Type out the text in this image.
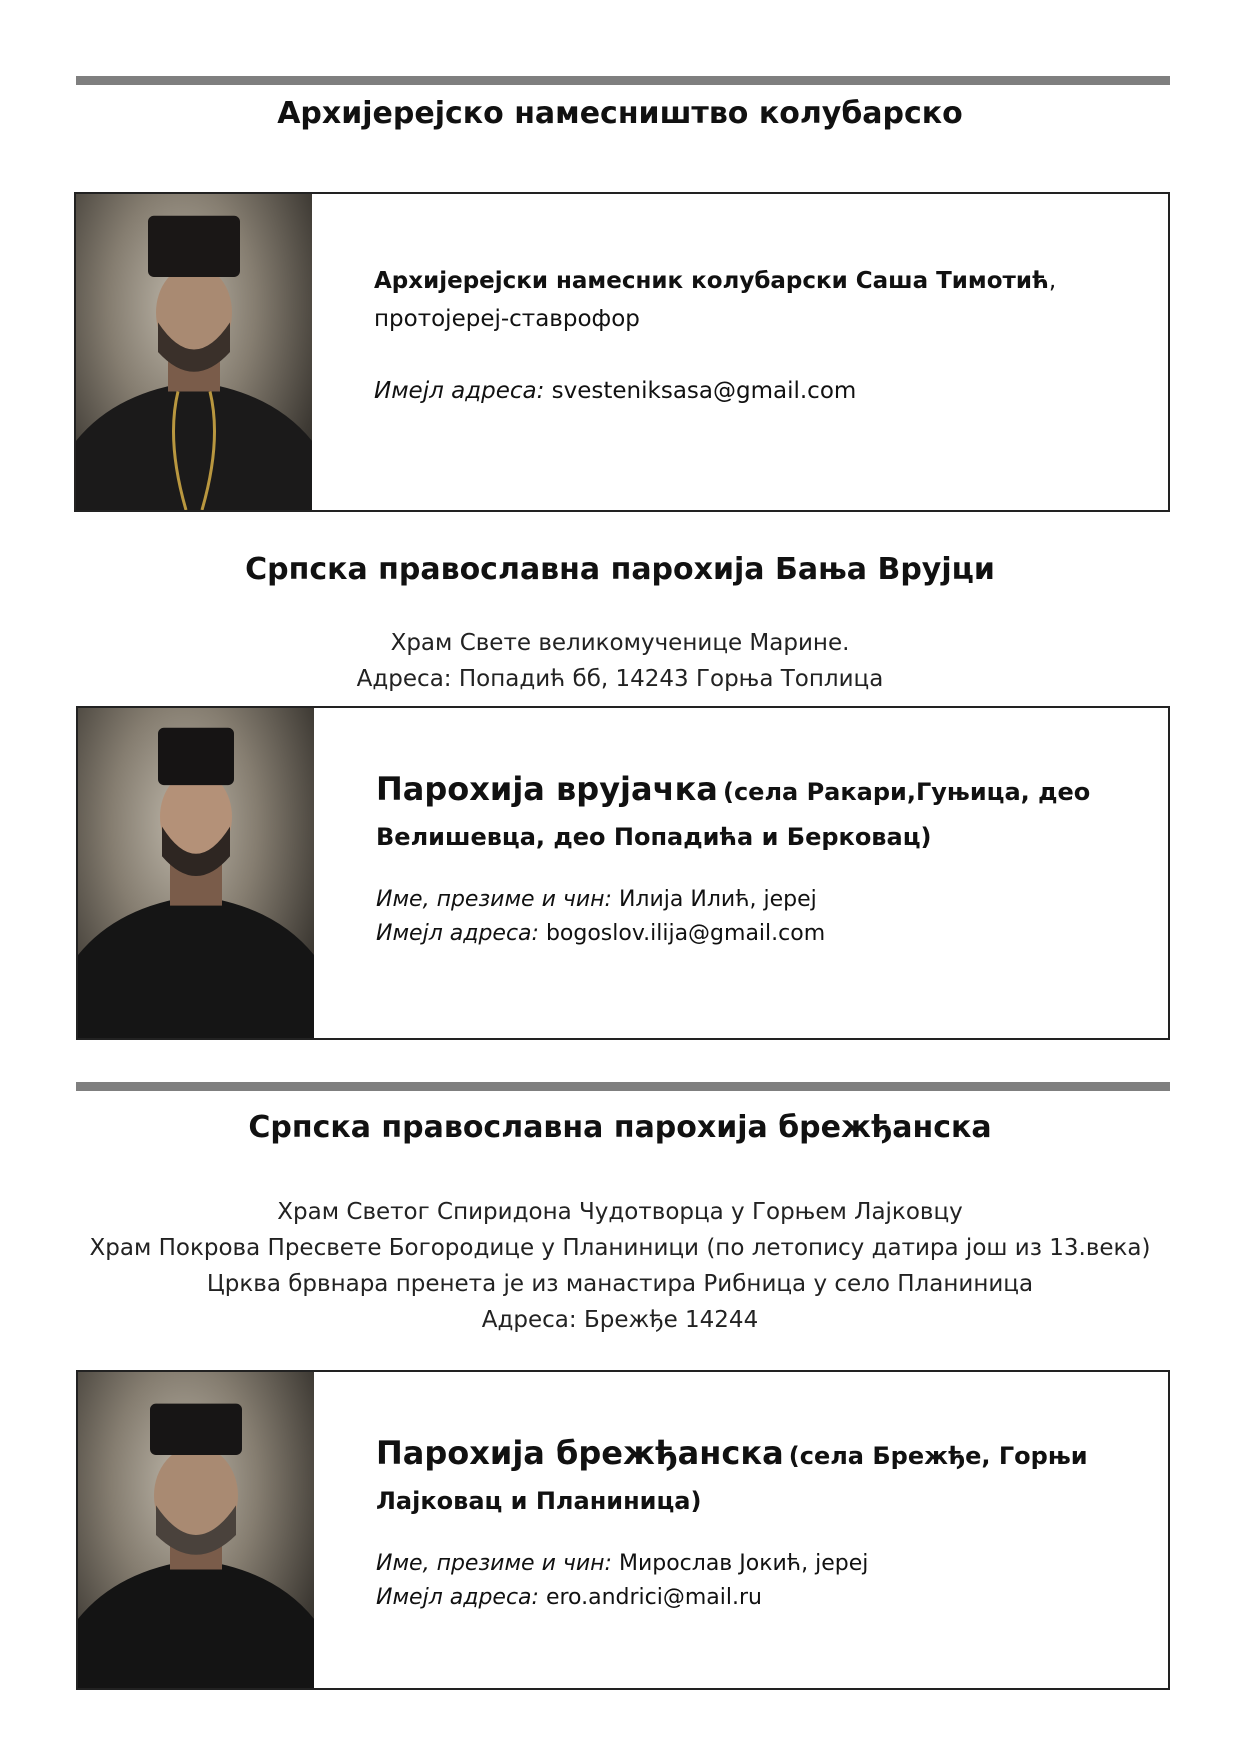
Архијерејско намесништво колубарско
Архијерејски намесник колубарски Саша Тимотић,
протојереј-ставрофор
Имејл адреса: svesteniksasa@gmail.com
Српска православна парохија Бања Врујци
Храм Свете великомученице Марине.
Адреса: Попадић бб, 14243 Горња Топлица
Парохија врујачка (села Ракари,Гуњица, део Велишевца, део Попадића и Берковац)
Име, презиме и чин: Илија Илић, јереј
Имејл адреса: bogoslov.ilija@gmail.com
Српска православна парохија брежђанска
Храм Светог Спиридона Чудотворца у Горњем Лајковцу
Храм Покрова Пресвете Богородице у Планиници (по летопису датира још из 13.века)
Црква брвнара пренета је из манастира Рибница у село Планиница
Адреса: Брежђе 14244
Парохија брежђанска (села Брежђе, Горњи Лајковац и Планиница)
Име, презиме и чин: Мирослав Јокић, јереј
Имејл адреса: ero.andrici@mail.ru
